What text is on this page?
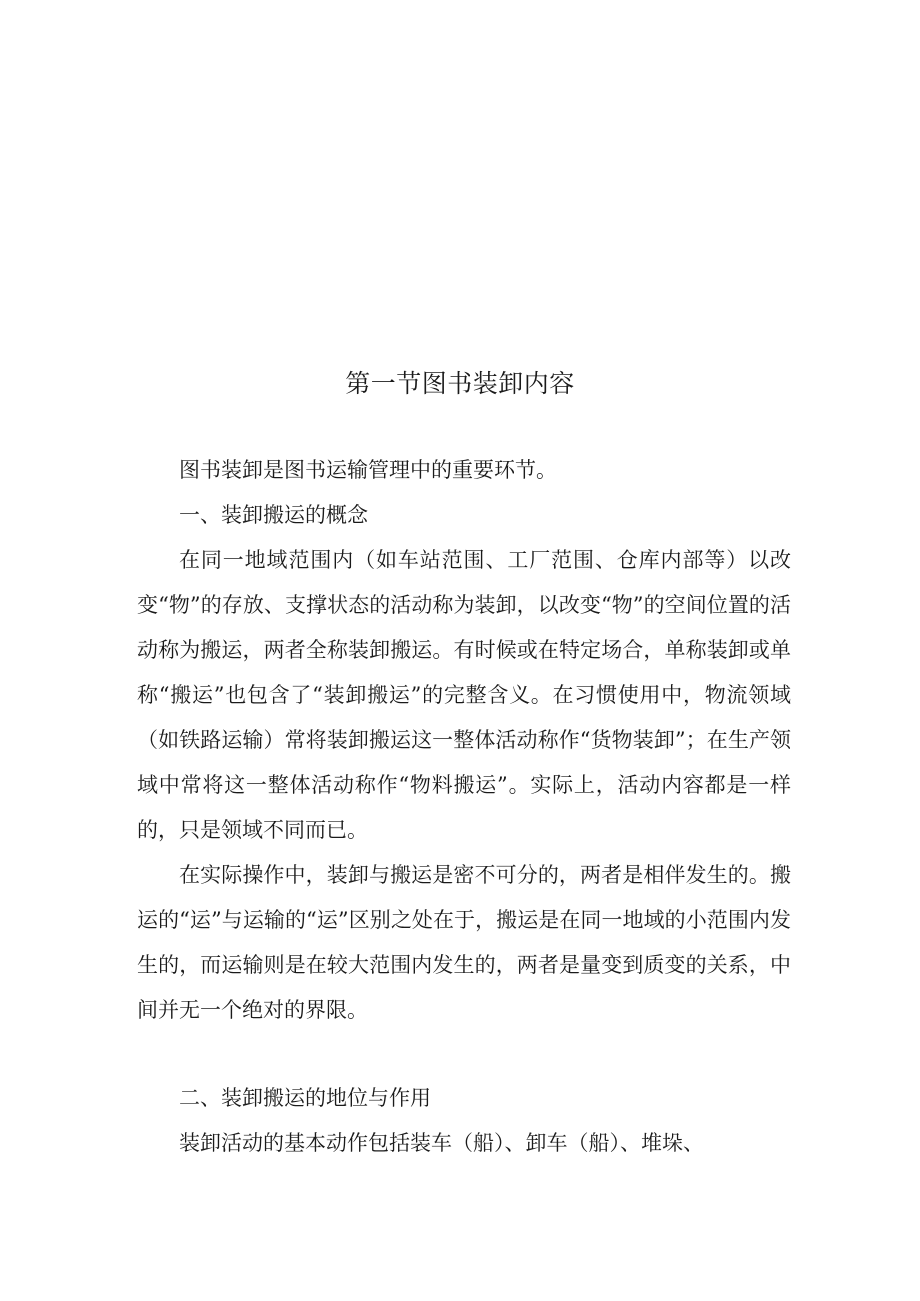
第一节图书装卸内容

图书装卸是图书运输管理中的重要环节。

一、装卸搬运的概念

在同一地域范围内（如车站范围、工厂范围、仓库内部等）以改变“物”的存放、支撑状态的活动称为装卸，以改变“物”的空间位置的活动称为搬运，两者全称装卸搬运。有时候或在特定场合，单称装卸或单称“搬运”也包含了“装卸搬运”的完整含义。在习惯使用中，物流领域（如铁路运输）常将装卸搬运这一整体活动称作“货物装卸”；在生产领域中常将这一整体活动称作“物料搬运”。实际上，活动内容都是一样的，只是领域不同而已。

在实际操作中，装卸与搬运是密不可分的，两者是相伴发生的。搬运的“运”与运输的“运”区别之处在于，搬运是在同一地域的小范围内发生的，而运输则是在较大范围内发生的，两者是量变到质变的关系，中间并无一个绝对的界限。

二、装卸搬运的地位与作用

装卸活动的基本动作包括装车（船）、卸车（船）、堆垛、
